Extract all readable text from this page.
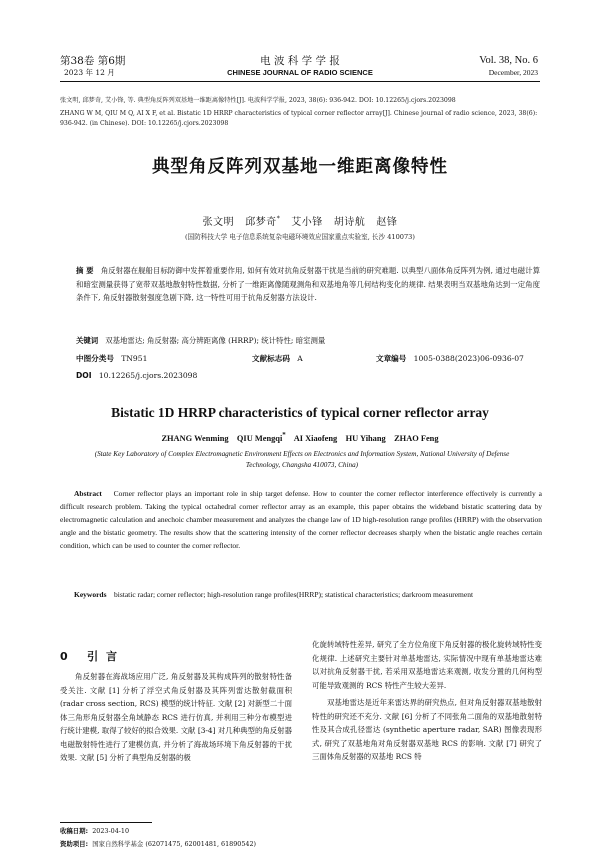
第38卷 第6期
2023 年 12 月
电 波 科 学 学 报
CHINESE JOURNAL OF RADIO SCIENCE
Vol. 38, No. 6
December, 2023
张文明, 邱梦奇, 艾小锋, 等. 典型角反阵列双基地一维距离像特性[J]. 电波科学学报, 2023, 38(6): 936-942. DOI: 10.12265/j.cjors.2023098
ZHANG W M, QIU M Q, AI X F, et al. Bistatic 1D HRRP characteristics of typical corner reflector array[J]. Chinese journal of radio science, 2023, 38(6): 936-942. (in Chinese). DOI: 10.12265/j.cjors.2023098
典型角反阵列双基地一维距离像特性
张文明 邱梦奇* 艾小锋 胡诗航 赵锋
(国防科技大学 电子信息系统复杂电磁环境效应国家重点实验室, 长沙 410073)
摘 要 角反射器在舰船目标防御中发挥着重要作用, 如何有效对抗角反射器干扰是当前的研究难题. 以典型八面体角反阵列为例, 通过电磁计算和暗室测量获得了宽带双基地散射特性数据, 分析了一维距离像随观测角和双基地角等几何结构变化的规律. 结果表明当双基地角达到一定角度条件下, 角反射器散射强度急剧下降, 这一特性可用于抗角反射器方法设计.
关键词 双基地雷达; 角反射器; 高分辨距离像 (HRRP); 统计特性; 暗室测量
中图分类号 TN951	文献标志码 A	文章编号 1005-0388(2023)06-0936-07
DOI 10.12265/j.cjors.2023098
Bistatic 1D HRRP characteristics of typical corner reflector array
ZHANG Wenming QIU Mengqi* AI Xiaofeng HU Yihang ZHAO Feng
(State Key Laboratory of Complex Electromagnetic Environment Effects on Electronics and Information System, National University of Defense Technology, Changsha 410073, China)
Abstract Corner reflector plays an important role in ship target defense. How to counter the corner reflector interference effectively is currently a difficult research problem. Taking the typical octahedral corner reflector array as an example, this paper obtains the wideband bistatic scattering data by electromagnetic calculation and anechoic chamber measurement and analyzes the change law of 1D high-resolution range profiles (HRRP) with the observation angle and the bistatic geometry. The results show that the scattering intensity of the corner reflector decreases sharply when the bistatic angle reaches certain condition, which can be used to counter the corner reflector.
Keywords bistatic radar; corner reflector; high-resolution range profiles(HRRP); statistical characteristics; darkroom measurement
0 引 言
角反射器在海战场应用广泛, 角反射器及其构成阵列的散射特性备受关注. 文献 [1] 分析了浮空式角反射器及其阵列雷达散射截面积 (radar cross section, RCS) 模型的统计特征. 文献 [2] 对新型二十面体三角形角反射器全角域静态 RCS 进行仿真, 并利用三种分布模型进行统计建模, 取得了较好的拟合效果. 文献 [3-4] 对几种典型的角反射器电磁散射特性进行了建模仿真, 并分析了海战场环境下角反射器的干扰效果. 文献 [5] 分析了典型角反射器的极
化旋转域特性差异, 研究了全方位角度下角反射器的极化旋转域特性变化规律. 上述研究主要针对单基地雷达, 实际情况中现有单基地雷达难以对抗角反射器干扰, 若采用双基地雷达来观测, 收发分置的几何构型可能导致观测的 RCS 特性产生较大差异.
双基地雷达是近年来雷达界的研究热点, 但对角反射器双基地散射特性的研究还不充分. 文献 [6] 分析了不同张角二面角的双基地散射特性及其合成孔径雷达 (synthetic aperture radar, SAR) 图像表现形式, 研究了双基地角对角反射器双基地 RCS 的影响. 文献 [7] 研究了三面体角反射器的双基地 RCS 特
收稿日期: 2023-04-10
资助项目: 国家自然科学基金 (62071475, 62001481, 61890542)
